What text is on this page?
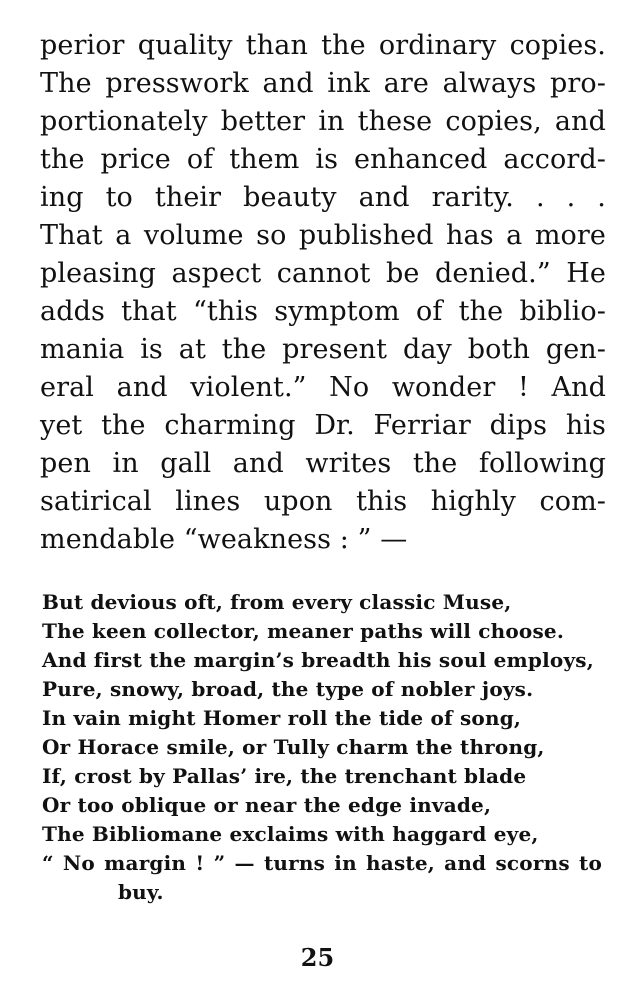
perior quality than the ordinary copies.
The presswork and ink are always pro-
portionately better in these copies, and
the price of them is enhanced accord-
ing to their beauty and rarity. . . .
That a volume so published has a more
pleasing aspect cannot be denied.” He
adds that “this symptom of the biblio-
mania is at the present day both gen-
eral and violent.” No wonder ! And
yet the charming Dr. Ferriar dips his
pen in gall and writes the following
satirical lines upon this highly com-
mendable “weakness : ” —
But devious oft, from every classic Muse,
The keen collector, meaner paths will choose.
And first the margin’s breadth his soul employs,
Pure, snowy, broad, the type of nobler joys.
In vain might Homer roll the tide of song,
Or Horace smile, or Tully charm the throng,
If, crost by Pallas’ ire, the trenchant blade
Or too oblique or near the edge invade,
The Bibliomane exclaims with haggard eye,
“ No margin ! ” — turns in haste, and scorns to
buy.
25
